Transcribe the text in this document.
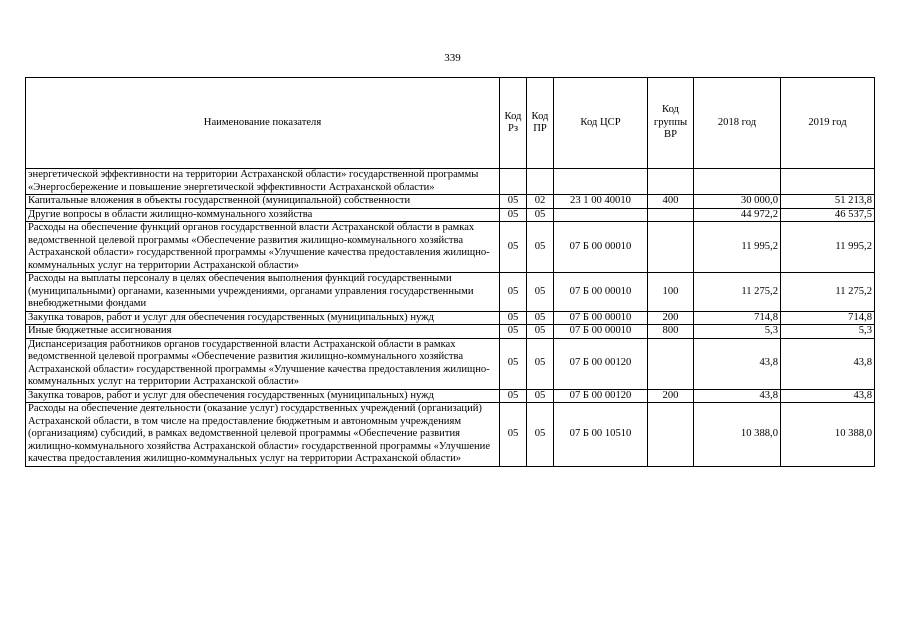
339
Наименование показателя	Код Рз	Код ПР	Код ЦСР	Код группы ВР	2018 год	2019 год
энергетической эффективности на территории Астраханской области» государственной программы «Энергосбережение и повышение энергетической эффективности Астраханской области»						
Капитальные вложения в объекты государственной (муниципальной) собственности	05	02	23 1 00 40010	400	30 000,0	51 213,8
Другие вопросы в области жилищно-коммунального хозяйства	05	05			44 972,2	46 537,5
Расходы на обеспечение функций органов государственной власти Астраханской области в рамках ведомственной целевой программы «Обеспечение развития жилищно-коммунального хозяйства Астраханской области» государственной программы «Улучшение качества предоставления жилищно-коммунальных услуг на территории Астраханской области»	05	05	07 Б 00 00010		11 995,2	11 995,2
Расходы на выплаты персоналу в целях обеспечения выполнения функций государственными (муниципальными) органами, казенными учреждениями, органами управления государственными внебюджетными фондами	05	05	07 Б 00 00010	100	11 275,2	11 275,2
Закупка товаров, работ и услуг для обеспечения государственных (муниципальных) нужд	05	05	07 Б 00 00010	200	714,8	714,8
Иные бюджетные ассигнования	05	05	07 Б 00 00010	800	5,3	5,3
Диспансеризация работников органов государственной власти Астраханской области в рамках ведомственной целевой программы «Обеспечение развития жилищно-коммунального хозяйства Астраханской области» государственной программы «Улучшение качества предоставления жилищно-коммунальных услуг на территории Астраханской области»	05	05	07 Б 00 00120		43,8	43,8
Закупка товаров, работ и услуг для обеспечения государственных (муниципальных) нужд	05	05	07 Б 00 00120	200	43,8	43,8
Расходы на обеспечение деятельности (оказание услуг) государственных учреждений (организаций) Астраханской области, в том числе на предоставление бюджетным и автономным учреждениям (организациям) субсидий, в рамках ведомственной целевой программы «Обеспечение развития жилищно-коммунального хозяйства Астраханской области» государственной программы «Улучшение качества предоставления жилищно-коммунальных услуг на территории Астраханской области»	05	05	07 Б 00 10510		10 388,0	10 388,0
